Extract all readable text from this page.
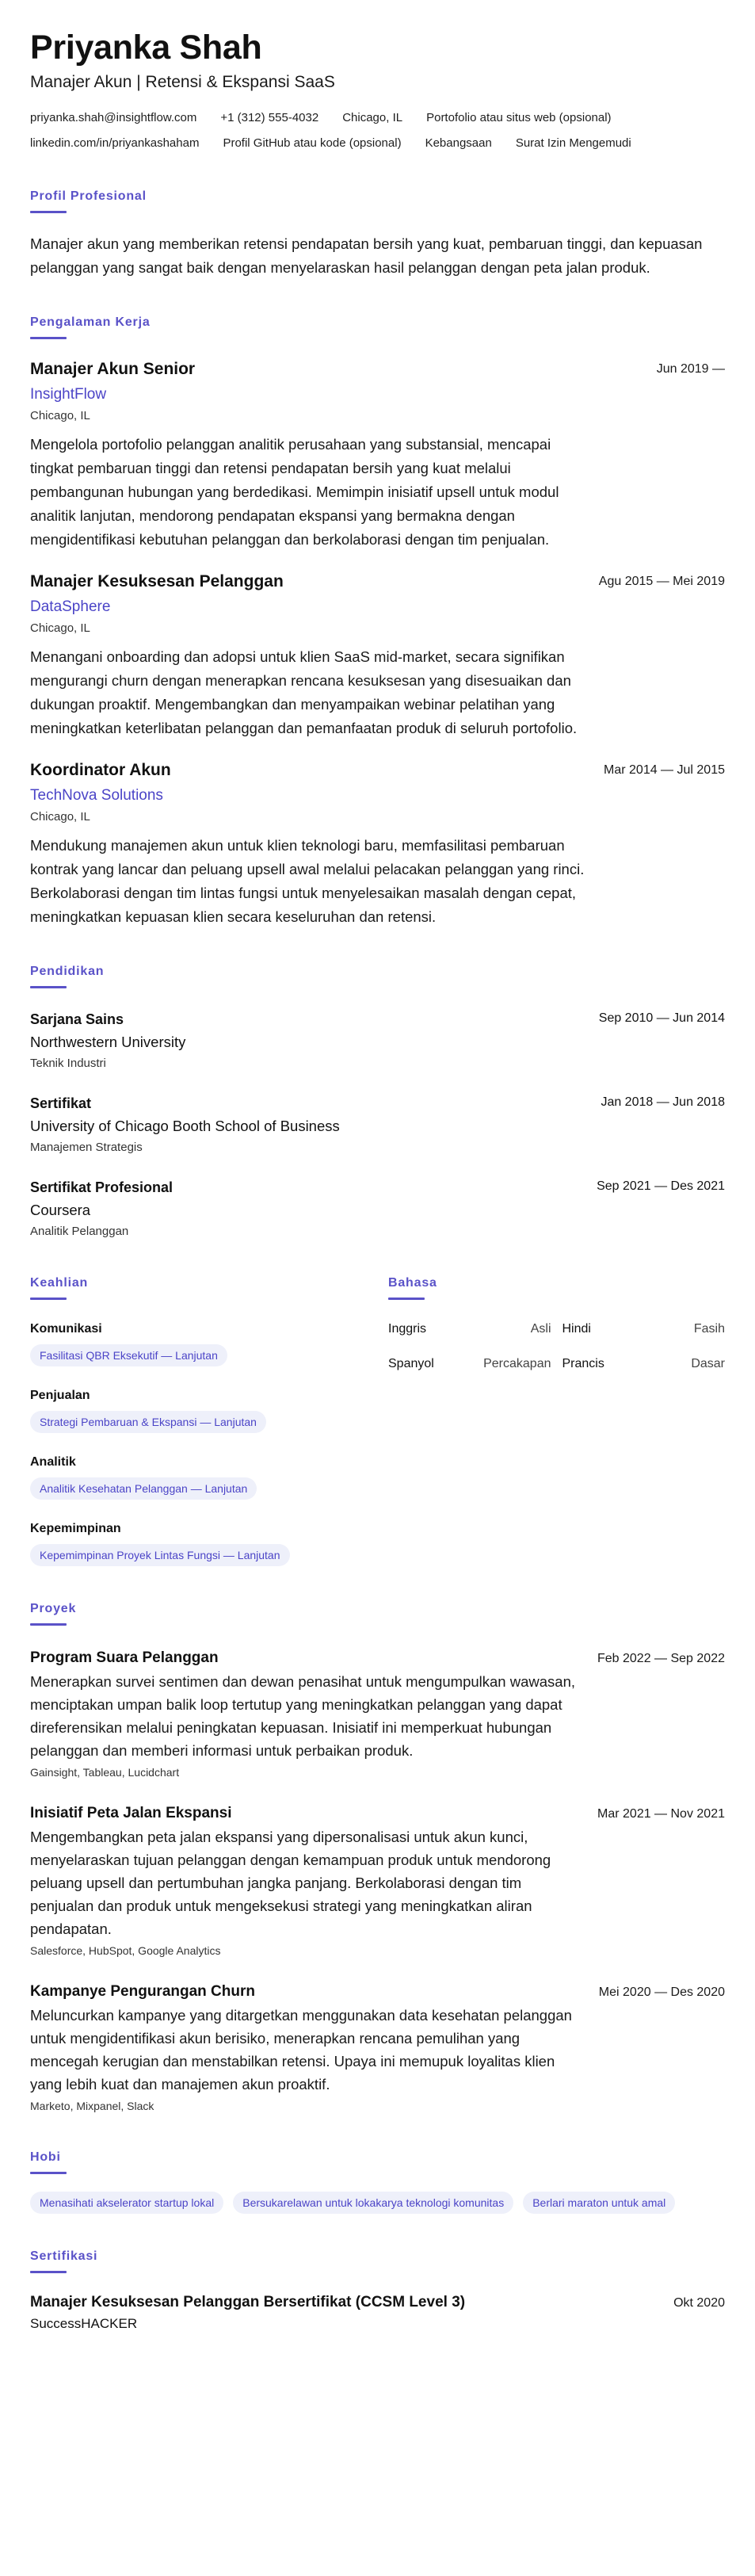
Priyanka Shah
Manajer Akun | Retensi & Ekspansi SaaS
priyanka.shah@insightflow.com +1 (312) 555-4032 Chicago, IL Portofolio atau situs web (opsional)
linkedin.com/in/priyankashaham Profil GitHub atau kode (opsional) Kebangsaan Surat Izin Mengemudi
Profil Profesional
Manajer akun yang memberikan retensi pendapatan bersih yang kuat, pembaruan tinggi, dan kepuasan pelanggan yang sangat baik dengan menyelaraskan hasil pelanggan dengan peta jalan produk.
Pengalaman Kerja
Manajer Akun Senior	Jun 2019 —
InsightFlow
Chicago, IL
Mengelola portofolio pelanggan analitik perusahaan yang substansial, mencapai tingkat pembaruan tinggi dan retensi pendapatan bersih yang kuat melalui pembangunan hubungan yang berdedikasi. Memimpin inisiatif upsell untuk modul analitik lanjutan, mendorong pendapatan ekspansi yang bermakna dengan mengidentifikasi kebutuhan pelanggan dan berkolaborasi dengan tim penjualan.
Manajer Kesuksesan Pelanggan	Agu 2015 — Mei 2019
DataSphere
Chicago, IL
Menangani onboarding dan adopsi untuk klien SaaS mid-market, secara signifikan mengurangi churn dengan menerapkan rencana kesuksesan yang disesuaikan dan dukungan proaktif. Mengembangkan dan menyampaikan webinar pelatihan yang meningkatkan keterlibatan pelanggan dan pemanfaatan produk di seluruh portofolio.
Koordinator Akun	Mar 2014 — Jul 2015
TechNova Solutions
Chicago, IL
Mendukung manajemen akun untuk klien teknologi baru, memfasilitasi pembaruan kontrak yang lancar dan peluang upsell awal melalui pelacakan pelanggan yang rinci. Berkolaborasi dengan tim lintas fungsi untuk menyelesaikan masalah dengan cepat, meningkatkan kepuasan klien secara keseluruhan dan retensi.
Pendidikan
Sarjana Sains	Sep 2010 — Jun 2014
Northwestern University
Teknik Industri
Sertifikat	Jan 2018 — Jun 2018
University of Chicago Booth School of Business
Manajemen Strategis
Sertifikat Profesional	Sep 2021 — Des 2021
Coursera
Analitik Pelanggan
Keahlian
Komunikasi
Fasilitasi QBR Eksekutif — Lanjutan
Penjualan
Strategi Pembaruan & Ekspansi — Lanjutan
Analitik
Analitik Kesehatan Pelanggan — Lanjutan
Kepemimpinan
Kepemimpinan Proyek Lintas Fungsi — Lanjutan
Bahasa
Inggris	Asli Hindi	Fasih
Spanyol	Percakapan Prancis	Dasar
Proyek
Program Suara Pelanggan	Feb 2022 — Sep 2022
Menerapkan survei sentimen dan dewan penasihat untuk mengumpulkan wawasan, menciptakan umpan balik loop tertutup yang meningkatkan pelanggan yang dapat direferensikan melalui peningkatan kepuasan. Inisiatif ini memperkuat hubungan pelanggan dan memberi informasi untuk perbaikan produk.
Gainsight, Tableau, Lucidchart
Inisiatif Peta Jalan Ekspansi	Mar 2021 — Nov 2021
Mengembangkan peta jalan ekspansi yang dipersonalisasi untuk akun kunci, menyelaraskan tujuan pelanggan dengan kemampuan produk untuk mendorong peluang upsell dan pertumbuhan jangka panjang. Berkolaborasi dengan tim penjualan dan produk untuk mengeksekusi strategi yang meningkatkan aliran pendapatan.
Salesforce, HubSpot, Google Analytics
Kampanye Pengurangan Churn	Mei 2020 — Des 2020
Meluncurkan kampanye yang ditargetkan menggunakan data kesehatan pelanggan untuk mengidentifikasi akun berisiko, menerapkan rencana pemulihan yang mencegah kerugian dan menstabilkan retensi. Upaya ini memupuk loyalitas klien yang lebih kuat dan manajemen akun proaktif.
Marketo, Mixpanel, Slack
Hobi
Menasihati akselerator startup lokal	Bersukarelawan untuk lokakarya teknologi komunitas	Berlari maraton untuk amal
Sertifikasi
Manajer Kesuksesan Pelanggan Bersertifikat (CCSM Level 3)	Okt 2020
SuccessHACKER
